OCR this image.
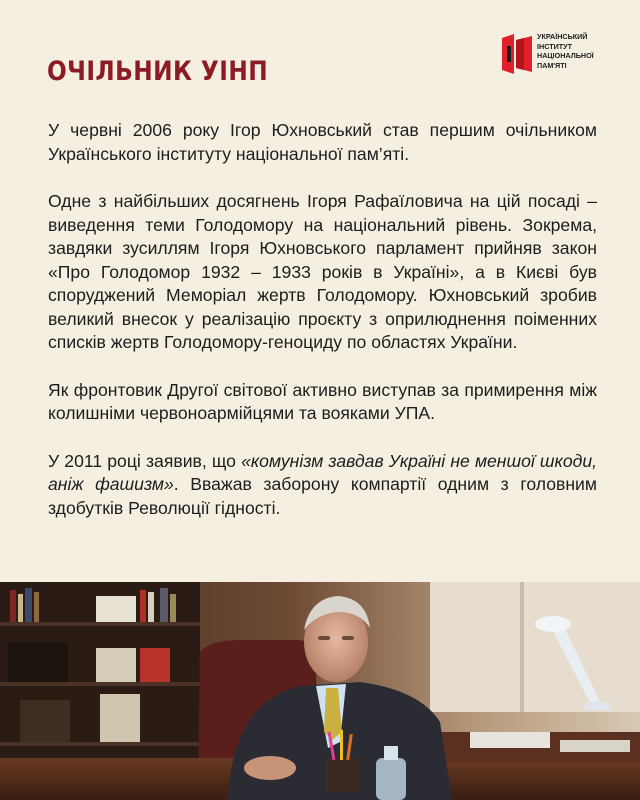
ОЧІЛЬНИК УІНП
УКРАЇНСЬКИЙ
ІНСТИТУТ
НАЦІОНАЛЬНОЇ
ПАМ'ЯТІ

У червні 2006 року Ігор Юхновський став першим очільником Українського інституту національної пам’яті.

Одне з найбільших досягнень Ігоря Рафаїловича на цій посаді – виведення теми Голодомору на національний рівень. Зокрема, завдяки зусиллям Ігоря Юхновського парламент прийняв закон «Про Голодомор 1932 – 1933 років в Україні», а в Києві був споруджений Меморіал жертв Голодомору. Юхновський зробив великий внесок у реалізацію проєкту з оприлюднення поіменних списків жертв Голодомору-геноциду по областях України.

Як фронтовик Другої світової активно виступав за примирення між колишніми червоноармійцями та вояками УПА.

У 2011 році заявив, що «комунізм завдав Україні не меншої шкоди, аніж фашизм». Вважав заборону компартії одним з головним здобутків Революції гідності.
